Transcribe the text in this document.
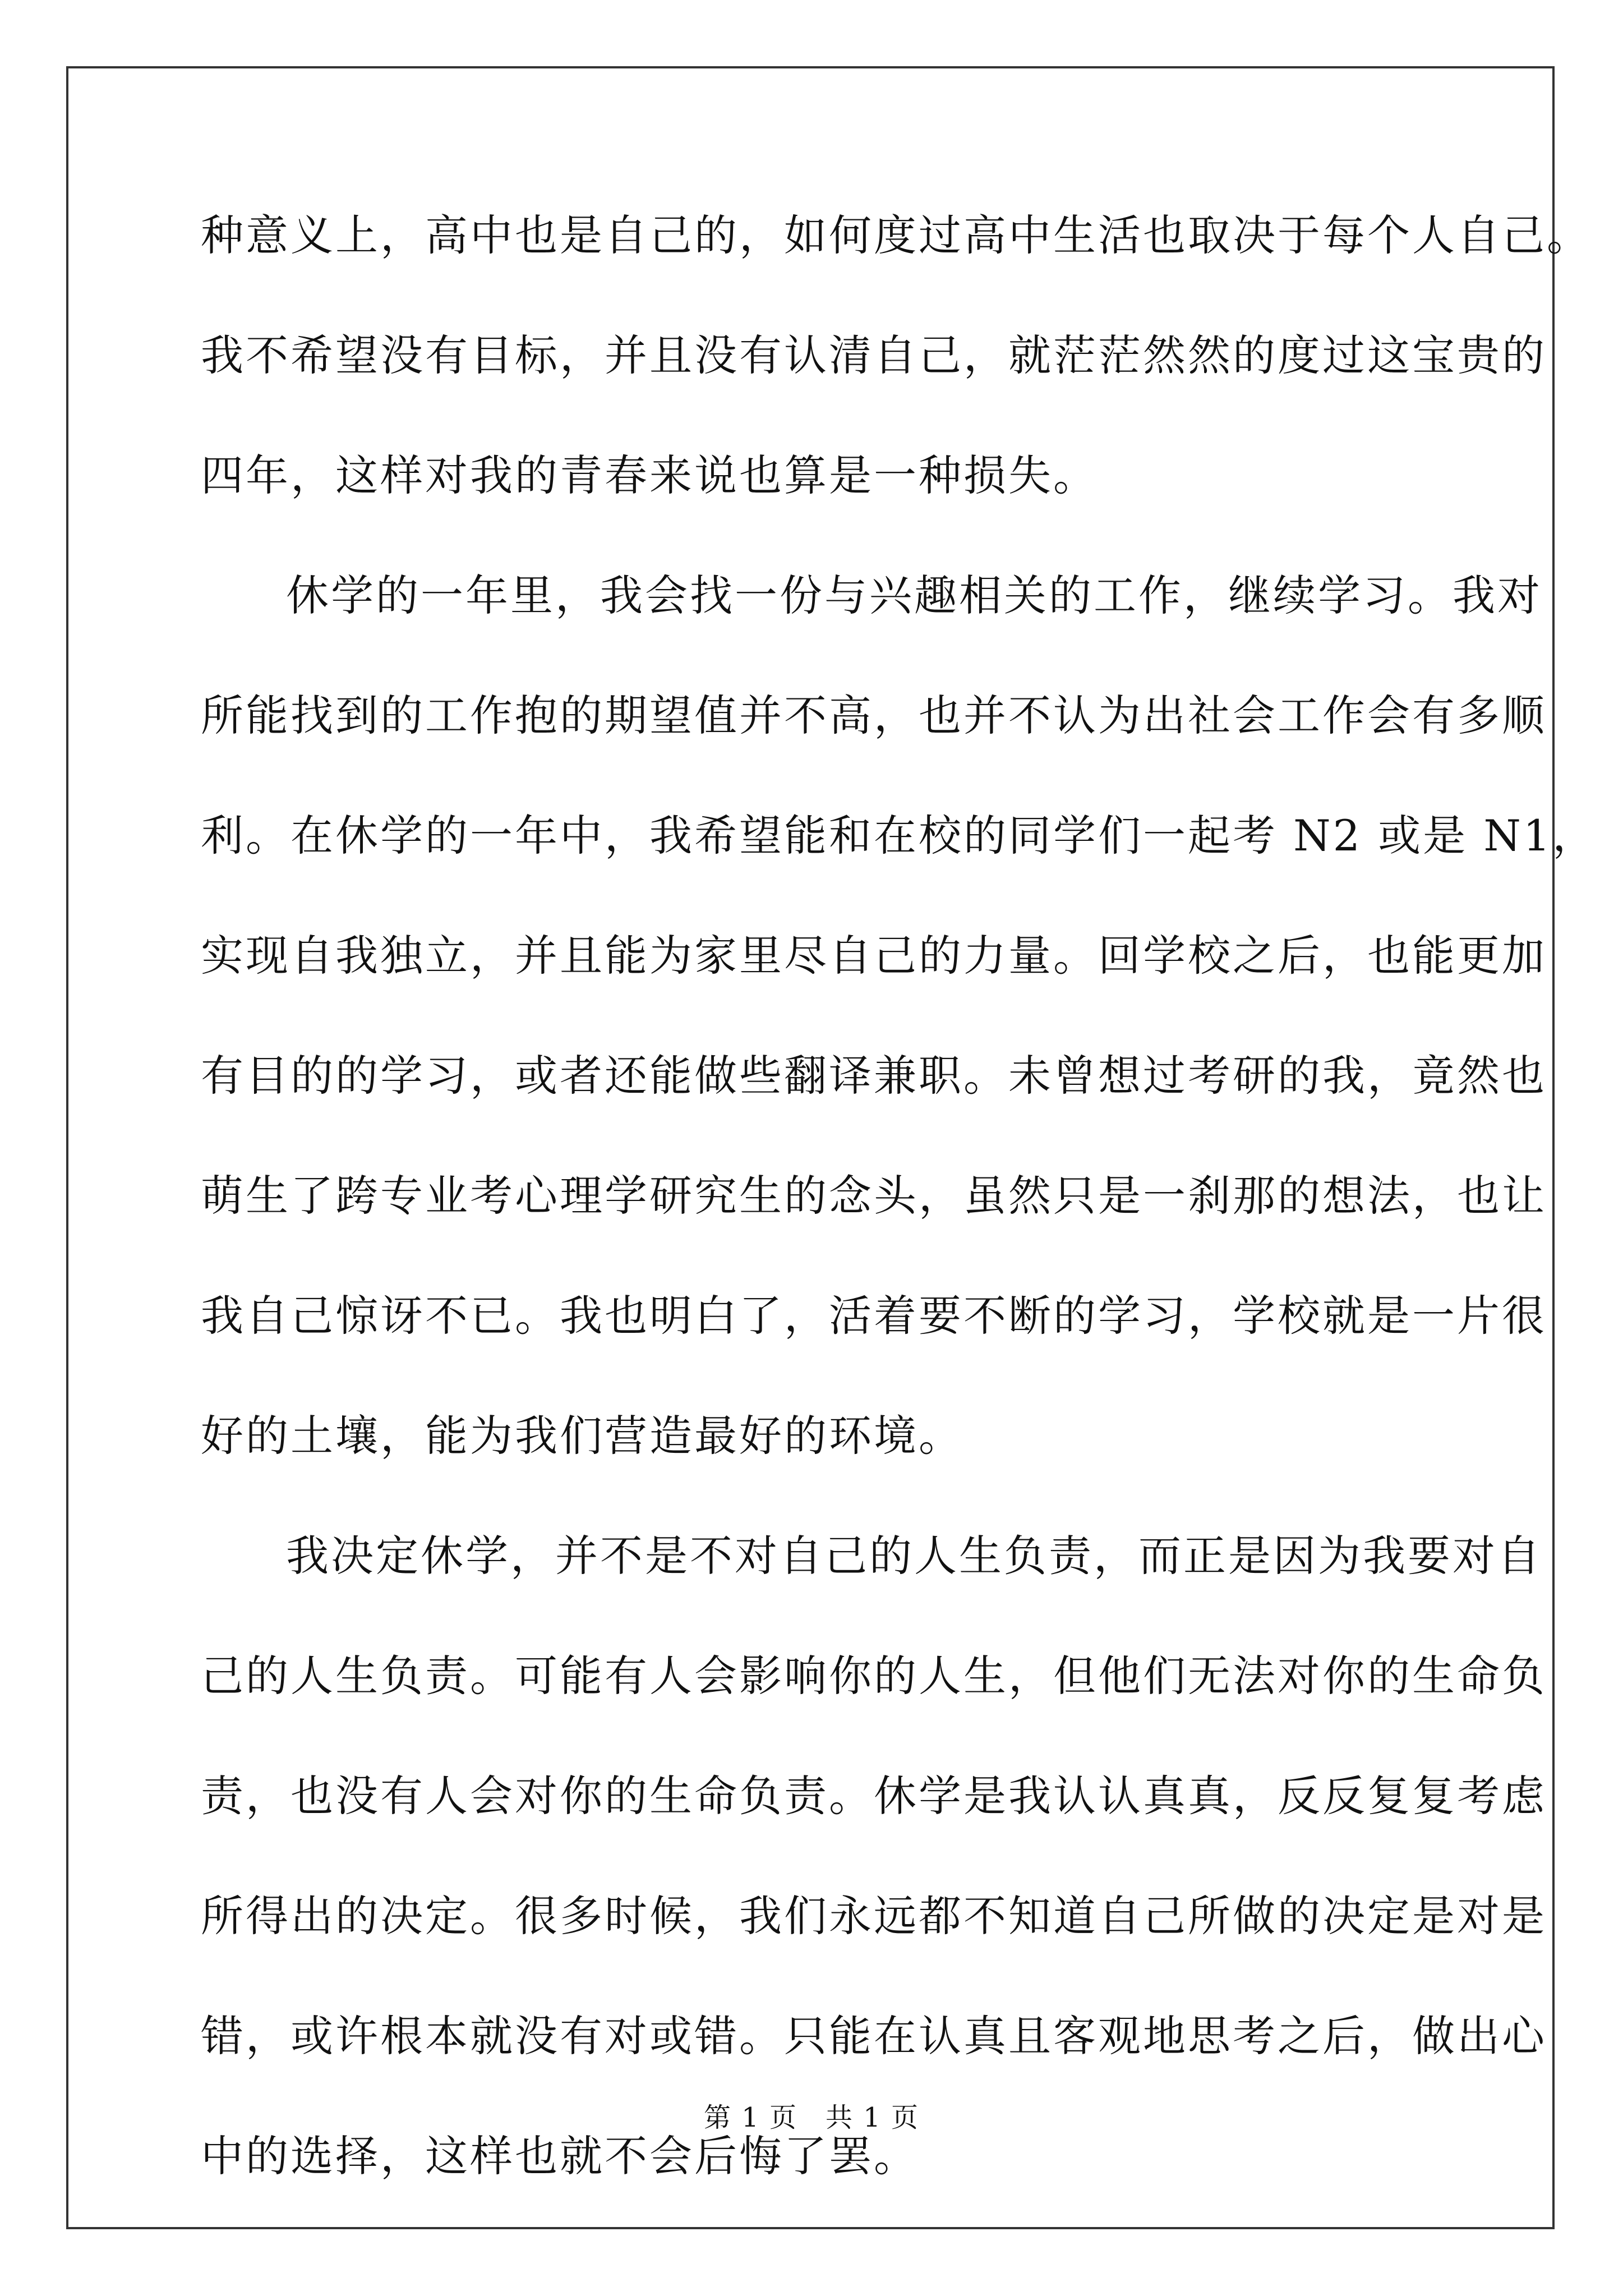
种意义上，高中也是自己的，如何度过高中生活也取决于每个人自己。

我不希望没有目标，并且没有认清自己，就茫茫然然的度过这宝贵的

四年，这样对我的青春来说也算是一种损失。

休学的一年里，我会找一份与兴趣相关的工作，继续学习。我对

所能找到的工作抱的期望值并不高，也并不认为出社会工作会有多顺

利。在休学的一年中，我希望能和在校的同学们一起考 N2 或是 N1，

实现自我独立，并且能为家里尽自己的力量。回学校之后，也能更加

有目的的学习，或者还能做些翻译兼职。未曾想过考研的我，竟然也

萌生了跨专业考心理学研究生的念头，虽然只是一刹那的想法，也让

我自己惊讶不已。我也明白了，活着要不断的学习，学校就是一片很

好的土壤，能为我们营造最好的环境。

我决定休学，并不是不对自己的人生负责，而正是因为我要对自

己的人生负责。可能有人会影响你的人生，但他们无法对你的生命负

责，也没有人会对你的生命负责。休学是我认认真真，反反复复考虑

所得出的决定。很多时候，我们永远都不知道自己所做的决定是对是

错，或许根本就没有对或错。只能在认真且客观地思考之后，做出心

中的选择，这样也就不会后悔了罢。

第 1 页　共 1 页
